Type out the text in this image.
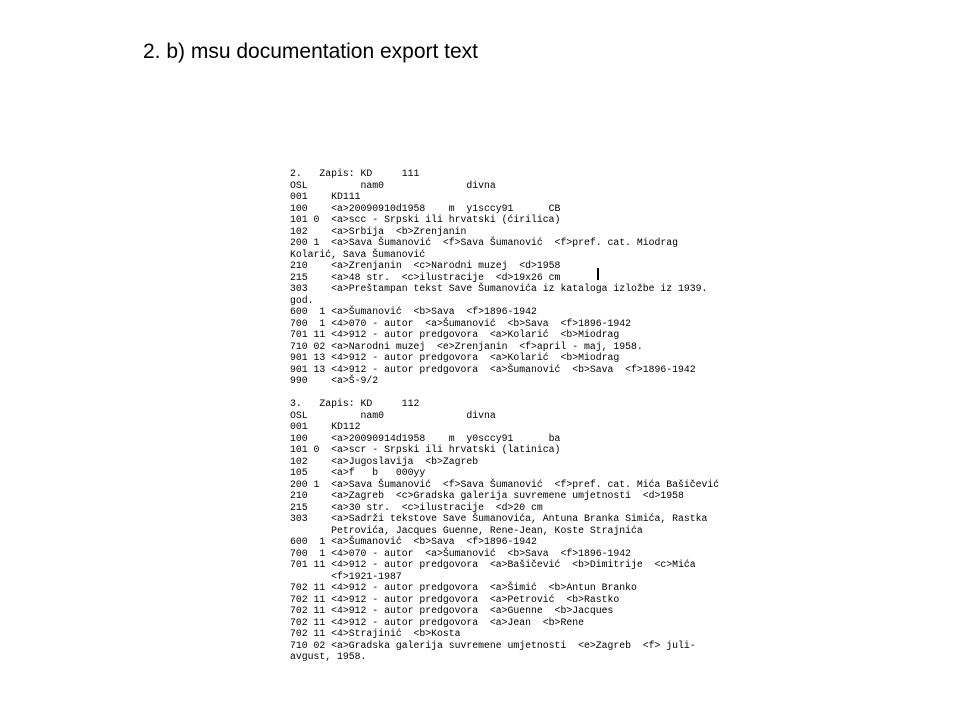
2. b) msu documentation export text
2.   Zapis: KD     111
OSL         nam0              divna
001    KD111
100    <a>20090910d1958    m  y1sccy91      CB
101 0  <a>scc - Srpski ili hrvatski (ćirilica)
102    <a>Srbija  <b>Zrenjanin
200 1  <a>Sava Šumanović  <f>Sava Šumanović  <f>pref. cat. Miodrag
Kolarić, Sava Šumanović
210    <a>Zrenjanin  <c>Narodni muzej  <d>1958
215    <a>48 str.  <c>ilustracije  <d>19x26 cm
303    <a>Preštampan tekst Save Šumanovića iz kataloga izložbe iz 1939.
god.
600  1 <a>Šumanović  <b>Sava  <f>1896-1942
700  1 <4>070 - autor  <a>Šumanović  <b>Sava  <f>1896-1942
701 11 <4>912 - autor predgovora  <a>Kolarić  <b>Miodrag
710 02 <a>Narodni muzej  <e>Zrenjanin  <f>april - maj, 1958.
901 13 <4>912 - autor predgovora  <a>Kolarić  <b>Miodrag
901 13 <4>912 - autor predgovora  <a>Šumanović  <b>Sava  <f>1896-1942
990    <a>Š-9/2
3.   Zapis: KD     112
OSL         nam0              divna
001    KD112
100    <a>20090914d1958    m  y0sccy91      ba
101 0  <a>scr - Srpski ili hrvatski (latinica)
102    <a>Jugoslavija  <b>Zagreb
105    <a>f   b   000yy
200 1  <a>Sava Šumanović  <f>Sava Šumanović  <f>pref. cat. Mića Bašičević
210    <a>Zagreb  <c>Gradska galerija suvremene umjetnosti  <d>1958
215    <a>30 str.  <c>ilustracije  <d>20 cm
303    <a>Sadrži tekstove Save Šumanovića, Antuna Branka Simića, Rastka
Petrovića, Jacques Guenne, Rene-Jean, Koste Strajnića
600  1 <a>Šumanović  <b>Sava  <f>1896-1942
700  1 <4>070 - autor  <a>Šumanović  <b>Sava  <f>1896-1942
701 11 <4>912 - autor predgovora  <a>Bašičević  <b>Dimitrije  <c>Mića
<f>1921-1987
702 11 <4>912 - autor predgovora  <a>Šimić  <b>Antun Branko
702 11 <4>912 - autor predgovora  <a>Petrović  <b>Rastko
702 11 <4>912 - autor predgovora  <a>Guenne  <b>Jacques
702 11 <4>912 - autor predgovora  <a>Jean  <b>Rene
702 11 <4>Strajinić  <b>Kosta
710 02 <a>Gradska galerija suvremene umjetnosti  <e>Zagreb  <f> juli-
avgust, 1958.
